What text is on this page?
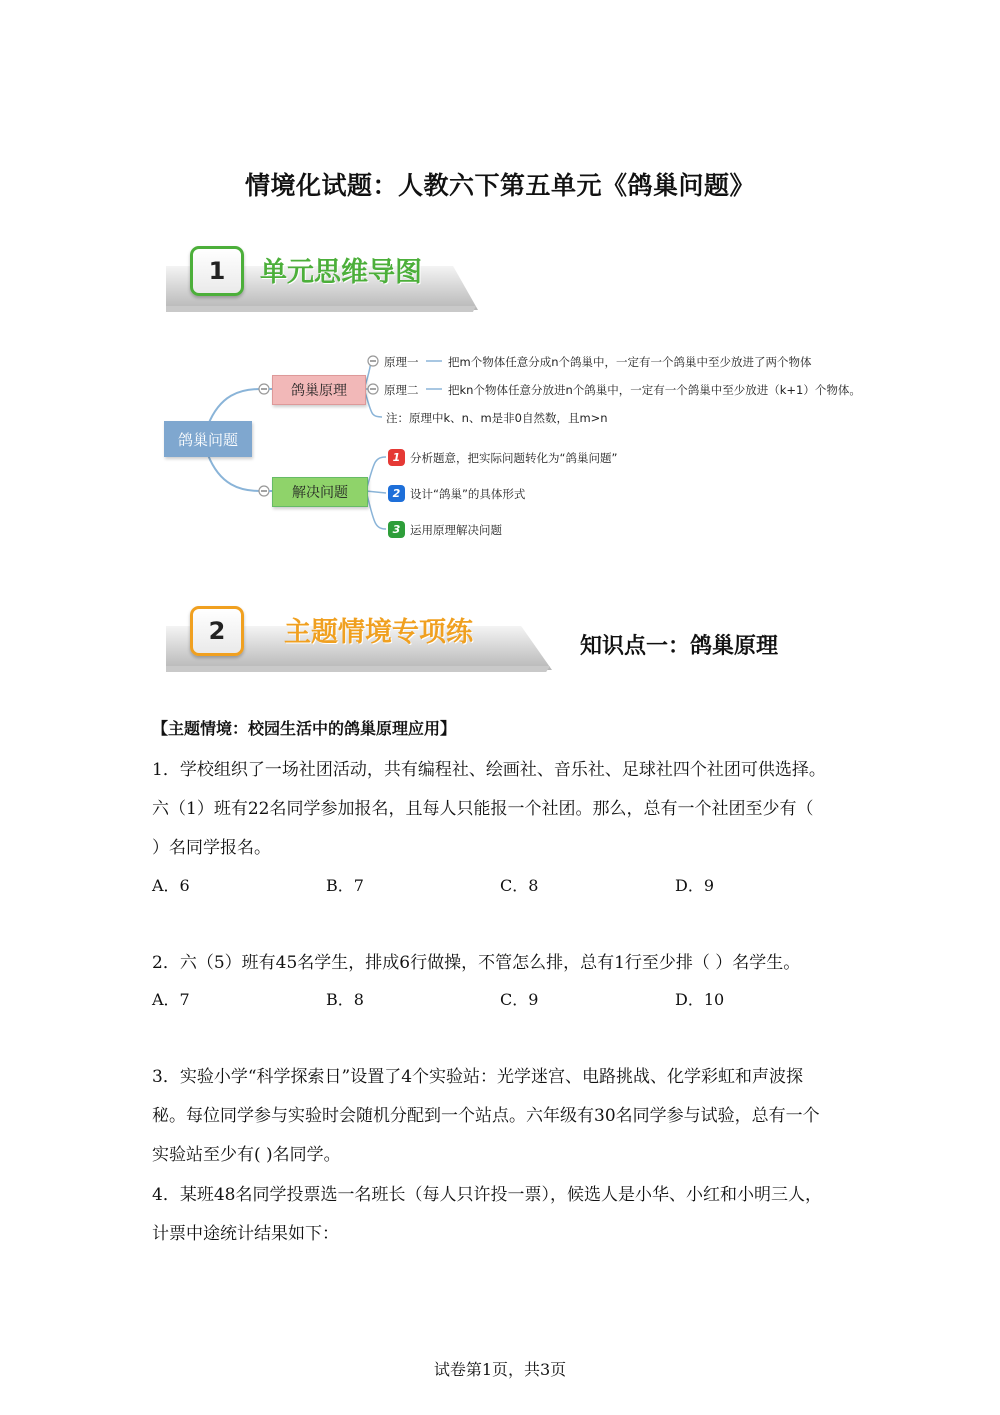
情境化试题：人教六下第五单元《鸽巢问题》
1	单元思维导图
鸽巢问题
鸽巢原理
解决问题
原理一	把m个物体任意分成n个鸽巢中，一定有一个鸽巢中至少放进了两个物体
原理二	把kn个物体任意分放进n个鸽巢中，一定有一个鸽巢中至少放进（k+1）个物体。
注：原理中k、n、m是非0自然数，且m>n
1 分析题意，把实际问题转化为“鸽巢问题”
2 设计“鸽巢”的具体形式
3 运用原理解决问题
2	主题情境专项练	知识点一：鸽巢原理
【主题情境：校园生活中的鸽巢原理应用】
1．学校组织了一场社团活动，共有编程社、绘画社、音乐社、足球社四个社团可供选择。
六（1）班有22名同学参加报名，且每人只能报一个社团。那么，总有一个社团至少有（
）名同学报名。
A．6	B．7	C．8	D．9
2．六（5）班有45名学生，排成6行做操，不管怎么排，总有1行至少排（ ）名学生。
A．7	B．8	C．9	D．10
3．实验小学“科学探索日”设置了4个实验站：光学迷宫、电路挑战、化学彩虹和声波探
秘。每位同学参与实验时会随机分配到一个站点。六年级有30名同学参与试验，总有一个
实验站至少有( )名同学。
4．某班48名同学投票选一名班长（每人只许投一票），候选人是小华、小红和小明三人，
计票中途统计结果如下：
试卷第1页，共3页
